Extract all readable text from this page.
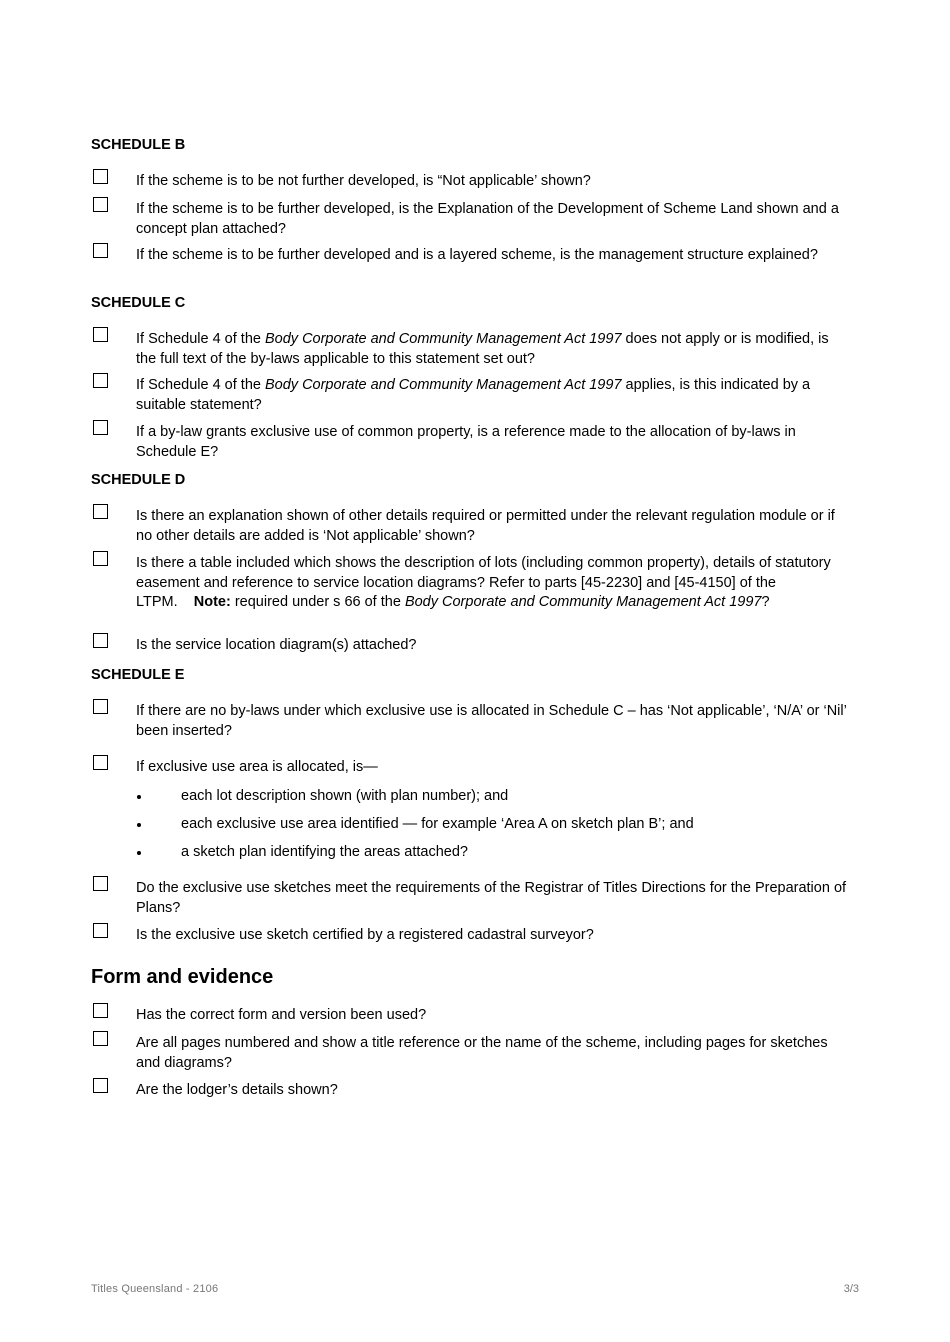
SCHEDULE B

If the scheme is to be not further developed, is “Not applicable’ shown?

If the scheme is to be further developed, is the Explanation of the Development of Scheme Land shown and a concept plan attached?

If the scheme is to be further developed and is a layered scheme, is the management structure explained?

SCHEDULE C

If Schedule 4 of the Body Corporate and Community Management Act 1997 does not apply or is modified, is the full text of the by-laws applicable to this statement set out?

If Schedule 4 of the Body Corporate and Community Management Act 1997 applies, is this indicated by a suitable statement?

If a by-law grants exclusive use of common property, is a reference made to the allocation of by-laws in Schedule E?

SCHEDULE D

Is there an explanation shown of other details required or permitted under the relevant regulation module or if no other details are added is ‘Not applicable’ shown?

Is there a table included which shows the description of lots (including common property), details of statutory easement and reference to service location diagrams? Refer to parts [45-2230] and [45-4150] of the LTPM. Note: required under s 66 of the Body Corporate and Community Management Act 1997?

Is the service location diagram(s) attached?

SCHEDULE E

If there are no by-laws under which exclusive use is allocated in Schedule C – has ‘Not applicable’, ‘N/A’ or ‘Nil’ been inserted?

If exclusive use area is allocated, is—

each lot description shown (with plan number); and
each exclusive use area identified — for example ‘Area A on sketch plan B’; and
a sketch plan identifying the areas attached?

Do the exclusive use sketches meet the requirements of the Registrar of Titles Directions for the Preparation of Plans?

Is the exclusive use sketch certified by a registered cadastral surveyor?

Form and evidence

Has the correct form and version been used?

Are all pages numbered and show a title reference or the name of the scheme, including pages for sketches and diagrams?

Are the lodger’s details shown?

Titles Queensland - 2106	3/3
